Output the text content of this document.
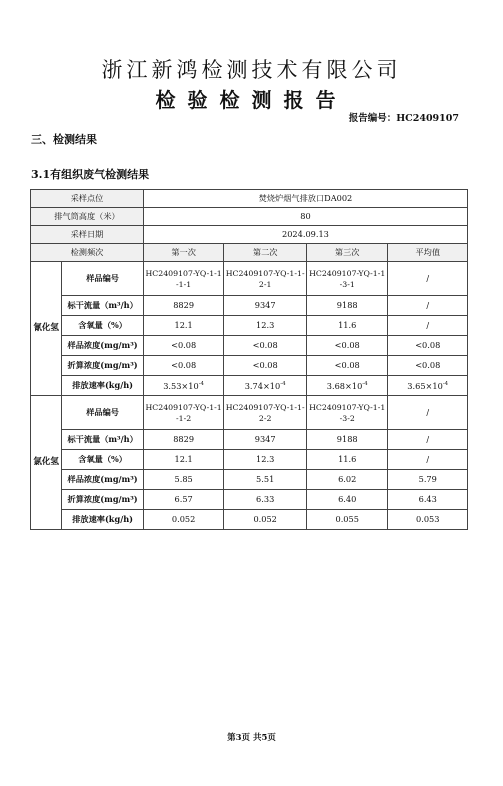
浙江新鸿检测技术有限公司
检验检测报告
报告编号：HC2409107
三、检测结果
3.1有组织废气检测结果
采样点位		焚烧炉烟气排放口DA002			
排气筒高度（米）		80			
采样日期		2024.09.13			
检测频次		第一次	第二次	第三次	平均值
氰化氢	样品编号	HC2409107-YQ-1-1-1-1	HC2409107-YQ-1-1-2-1	HC2409107-YQ-1-1-3-1	/
	标干流量（m³/h）	8829	9347	9188	/
	含氧量（%）	12.1	12.3	11.6	/
	样品浓度(mg/m³)	<0.08	<0.08	<0.08	<0.08
	折算浓度(mg/m³)	<0.08	<0.08	<0.08	<0.08
	排放速率(kg/h)	$3.53\times 10^{-4}$	$3.74\times 10^{-4}$	$3.68\times 10^{-4}$	$3.65\times 10^{-4}$
氯化氢	样品编号	HC2409107-YQ-1-1-1-2	HC2409107-YQ-1-1-2-2	HC2409107-YQ-1-1-3-2	/
	标干流量（m³/h）	8829	9347	9188	/
	含氧量（%）	12.1	12.3	11.6	/
	样品浓度(mg/m³)	5.85	5.51	6.02	5.79
	折算浓度(mg/m³)	6.57	6.33	6.40	6.43
	排放速率(kg/h)	0.052	0.052	0.055	0.053
第3页 共5页
